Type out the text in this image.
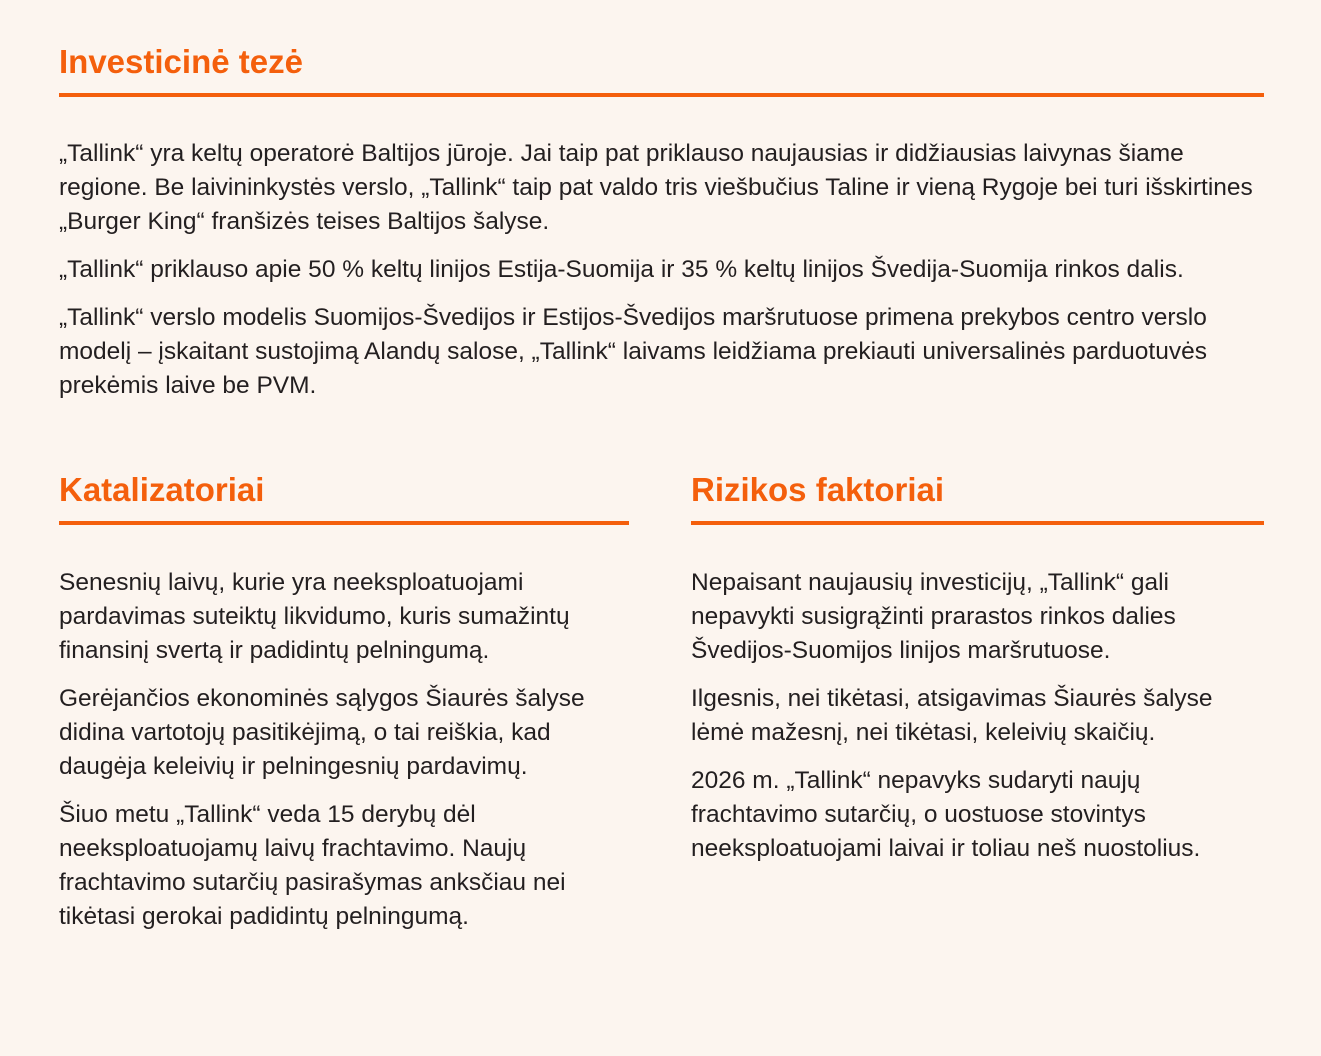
Investicinė tezė

„Tallink“ yra keltų operatorė Baltijos jūroje. Jai taip pat priklauso naujausias ir didžiausias laivynas šiame regione. Be laivininkystės verslo, „Tallink“ taip pat valdo tris viešbučius Taline ir vieną Rygoje bei turi išskirtines „Burger King“ franšizės teises Baltijos šalyse.

„Tallink“ priklauso apie 50 % keltų linijos Estija-Suomija ir 35 % keltų linijos Švedija-Suomija rinkos dalis.

„Tallink“ verslo modelis Suomijos-Švedijos ir Estijos-Švedijos maršrutuose primena prekybos centro verslo modelį – įskaitant sustojimą Alandų salose, „Tallink“ laivams leidžiama prekiauti universalinės parduotuvės prekėmis laive be PVM.

Katalizatoriai

Senesnių laivų, kurie yra neeksploatuojami pardavimas suteiktų likvidumo, kuris sumažintų finansinį svertą ir padidintų pelningumą.

Gerėjančios ekonominės sąlygos Šiaurės šalyse didina vartotojų pasitikėjimą, o tai reiškia, kad daugėja keleivių ir pelningesnių pardavimų.

Šiuo metu „Tallink“ veda 15 derybų dėl neeksploatuojamų laivų frachtavimo. Naujų frachtavimo sutarčių pasirašymas anksčiau nei tikėtasi gerokai padidintų pelningumą.

Rizikos faktoriai

Nepaisant naujausių investicijų, „Tallink“ gali nepavykti susigrąžinti prarastos rinkos dalies Švedijos-Suomijos linijos maršrutuose.

Ilgesnis, nei tikėtasi, atsigavimas Šiaurės šalyse lėmė mažesnį, nei tikėtasi, keleivių skaičių.

2026 m. „Tallink“ nepavyks sudaryti naujų frachtavimo sutarčių, o uostuose stovintys neeksploatuojami laivai ir toliau neš nuostolius.
